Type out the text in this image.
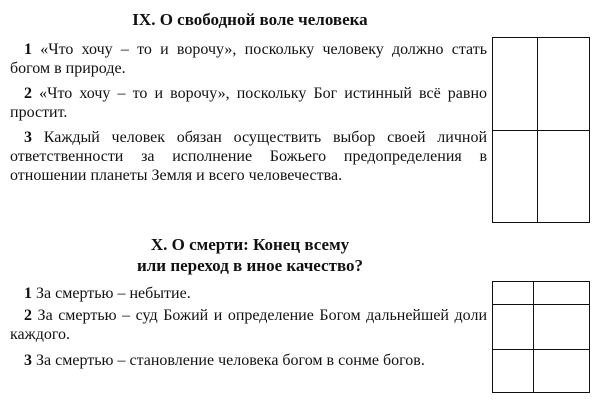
IX. О свободной воле человека
1 «Что хочу – то и ворочу», поскольку человеку должно стать богом в природе.
2 «Что хочу – то и ворочу», поскольку Бог истинный всё равно простит.
3 Каждый человек обязан осуществить выбор своей личной ответственности за исполнение Божьего предопределения в отношении планеты Земля и всего человечества.
X. О смерти: Конец всему
или переход в иное качество?
1 За смертью – небытие.
2 За смертью – суд Божий и определение Богом дальнейшей доли каждого.
3 За смертью – становление человека богом в сонме богов.
